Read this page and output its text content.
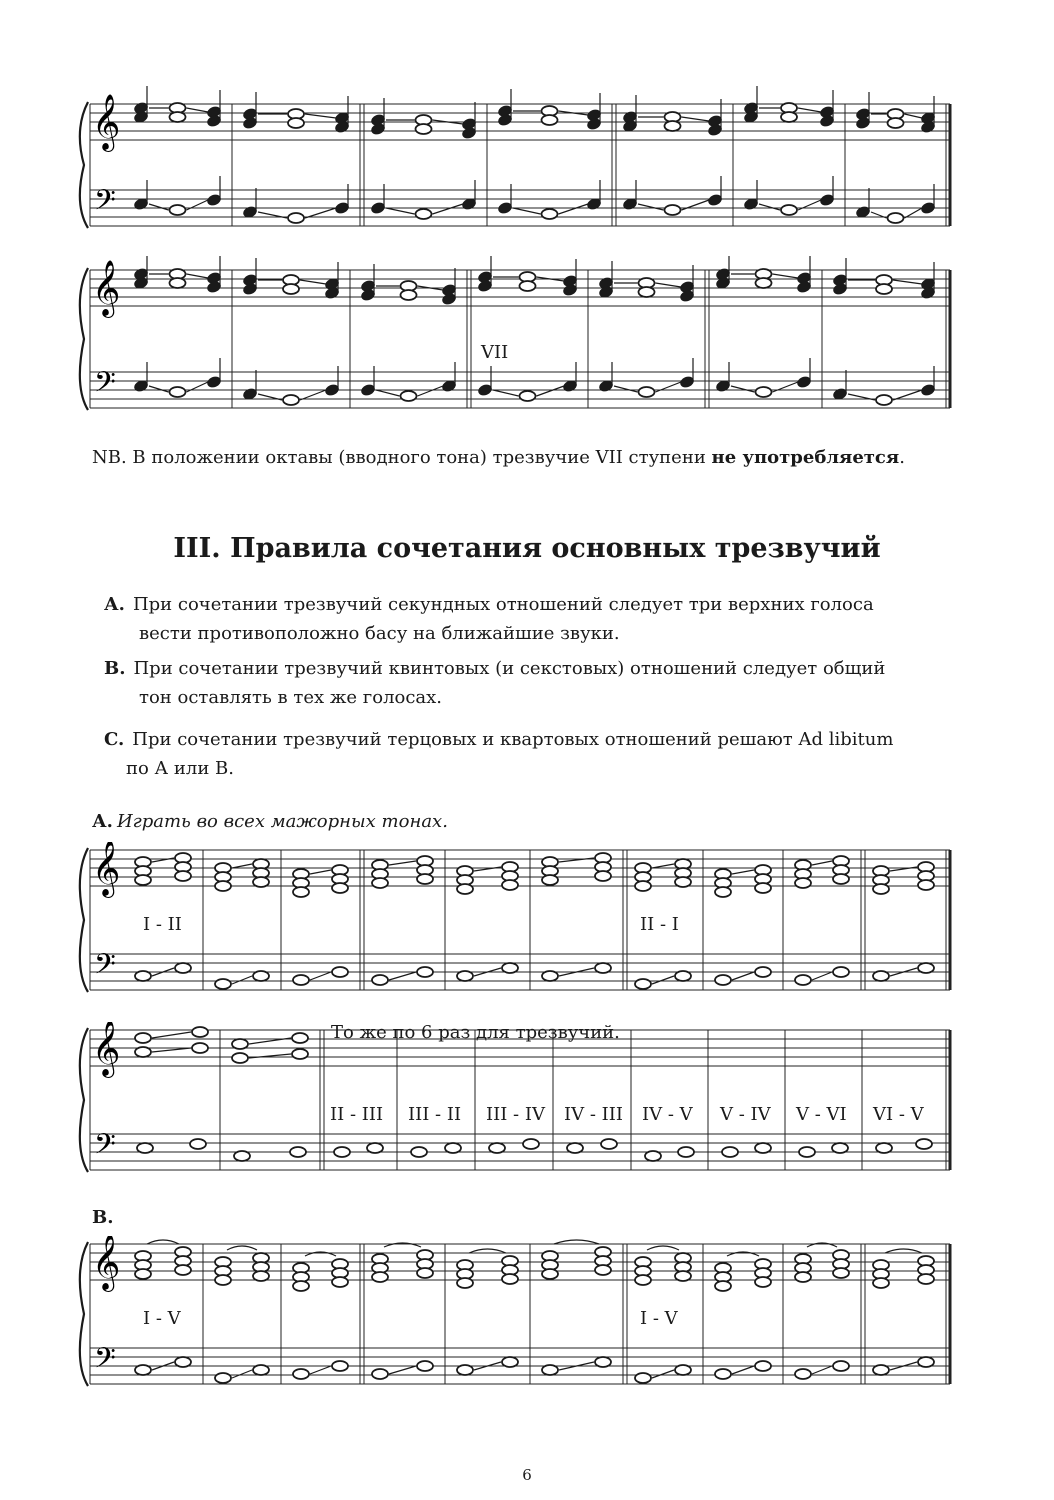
𝄞
𝄢
𝄞
𝄢
VII

NB. В положении октавы (вводного тона) трезвучие VII ступени не употребляется.

III. Правила сочетания основных трезвучий
А. При сочетании трезвучий секундных отношений следует три верхних голоса
вести противоположно басу на ближайшие звуки.
B. При сочетании трезвучий квинтовых (и секстовых) отношений следует общий
тон оставлять в тех же голосах.
C. При сочетании трезвучий терцовых и квартовых отношений решают Ad libitum
по А или B.

А. Играть во всех мажорных тонах.

𝄞
𝄢
I - II	II - I
𝄞
𝄢
То же по 6 раз для трезвучий.
II - III III - II III - IV IV - III IV - V V - IV V - VI VI - V

B.

𝄞
𝄢
I - V	I - V
6
